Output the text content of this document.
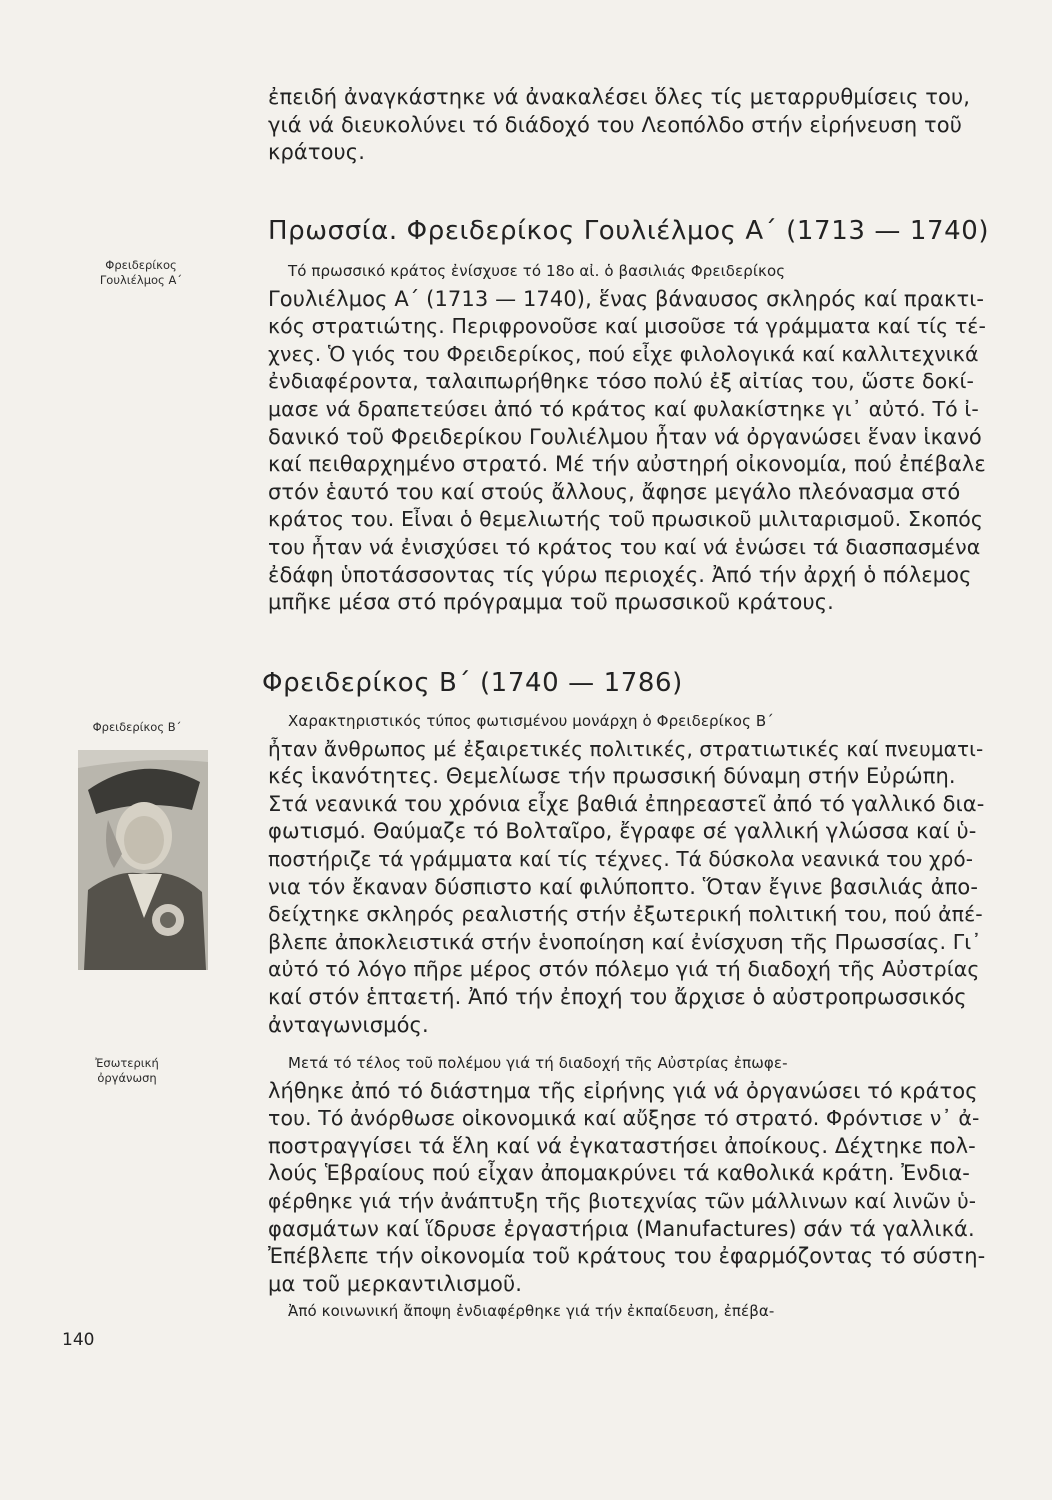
ἐπειδή ἀναγκάστηκε νά ἀνακαλέσει ὅλες τίς μεταρρυθμίσεις του,
γιά νά διευκολύνει τό διάδοχό του Λεοπόλδο στήν εἰρήνευση τοῦ
κράτους.
Πρωσσία. Φρειδερίκος Γουλιέλμος Α΄ (1713 — 1740)
Φρειδερίκος
Γουλιέλμος Α΄	Τό πρωσσικό κράτος ἐνίσχυσε τό 18ο αἰ. ὁ βασιλιάς Φρειδερίκος
Γουλιέλμος Α΄ (1713 — 1740), ἕνας βάναυσος σκληρός καί πρακτι-
κός στρατιώτης. Περιφρονοῦσε καί μισοῦσε τά γράμματα καί τίς τέ-
χνες. Ὁ γιός του Φρειδερίκος, πού εἶχε φιλολογικά καί καλλιτεχνικά
ἐνδιαφέροντα, ταλαιπωρήθηκε τόσο πολύ ἐξ αἰτίας του, ὥστε δοκί-
μασε νά δραπετεύσει ἀπό τό κράτος καί φυλακίστηκε γι᾽ αὐτό. Τό ἰ-
δανικό τοῦ Φρειδερίκου Γουλιέλμου ἦταν νά ὀργανώσει ἕναν ἱκανό
καί πειθαρχημένο στρατό. Μέ τήν αὐστηρή οἰκονομία, πού ἐπέβαλε
στόν ἑαυτό του καί στούς ἄλλους, ἄφησε μεγάλο πλεόνασμα στό
κράτος του. Εἶναι ὁ θεμελιωτής τοῦ πρωσικοῦ μιλιταρισμοῦ. Σκοπός
του ἦταν νά ἐνισχύσει τό κράτος του καί νά ἑνώσει τά διασπασμένα
ἐδάφη ὑποτάσσοντας τίς γύρω περιοχές. Ἀπό τήν ἀρχή ὁ πόλεμος
μπῆκε μέσα στό πρόγραμμα τοῦ πρωσσικοῦ κράτους.
Φρειδερίκος Β΄ (1740 — 1786)
Φρειδερίκος Β΄	Χαρακτηριστικός τύπος φωτισμένου μονάρχη ὁ Φρειδερίκος Β΄
ἦταν ἄνθρωπος μέ ἐξαιρετικές πολιτικές, στρατιωτικές καί πνευματι-
κές ἱκανότητες. Θεμελίωσε τήν πρωσσική δύναμη στήν Εὐρώπη.
Στά νεανικά του χρόνια εἶχε βαθιά ἐπηρεαστεῖ ἀπό τό γαλλικό δια-
φωτισμό. Θαύμαζε τό Βολταῖρο, ἔγραφε σέ γαλλική γλώσσα καί ὑ-
ποστήριζε τά γράμματα καί τίς τέχνες. Τά δύσκολα νεανικά του χρό-
νια τόν ἔκαναν δύσπιστο καί φιλύποπτο. Ὅταν ἔγινε βασιλιάς ἀπο-
δείχτηκε σκληρός ρεαλιστής στήν ἐξωτερική πολιτική του, πού ἀπέ-
βλεπε ἀποκλειστικά στήν ἑνοποίηση καί ἐνίσχυση τῆς Πρωσσίας. Γι᾽
αὐτό τό λόγο πῆρε μέρος στόν πόλεμο γιά τή διαδοχή τῆς Αὐστρίας
καί στόν ἑπταετή. Ἀπό τήν ἐποχή του ἄρχισε ὁ αὐστροπρωσσικός
ἀνταγωνισμός.
Ἐσωτερική
ὀργάνωση
Μετά τό τέλος τοῦ πολέμου γιά τή διαδοχή τῆς Αὐστρίας ἐπωφε-
λήθηκε ἀπό τό διάστημα τῆς εἰρήνης γιά νά ὀργανώσει τό κράτος
του. Τό ἀνόρθωσε οἰκονομικά καί αὔξησε τό στρατό. Φρόντισε ν᾽ ἀ-
ποστραγγίσει τά ἕλη καί νά ἐγκαταστήσει ἀποίκους. Δέχτηκε πολ-
λούς Ἑβραίους πού εἶχαν ἀπομακρύνει τά καθολικά κράτη. Ἐνδια-
φέρθηκε γιά τήν ἀνάπτυξη τῆς βιοτεχνίας τῶν μάλλινων καί λινῶν ὑ-
φασμάτων καί ἵδρυσε ἐργαστήρια (Manufactures) σάν τά γαλλικά.
Ἐπέβλεπε τήν οἰκονομία τοῦ κράτους του ἐφαρμόζοντας τό σύστη-
μα τοῦ μερκαντιλισμοῦ.
Ἀπό κοινωνική ἄποψη ἐνδιαφέρθηκε γιά τήν ἐκπαίδευση, ἐπέβα-
140
